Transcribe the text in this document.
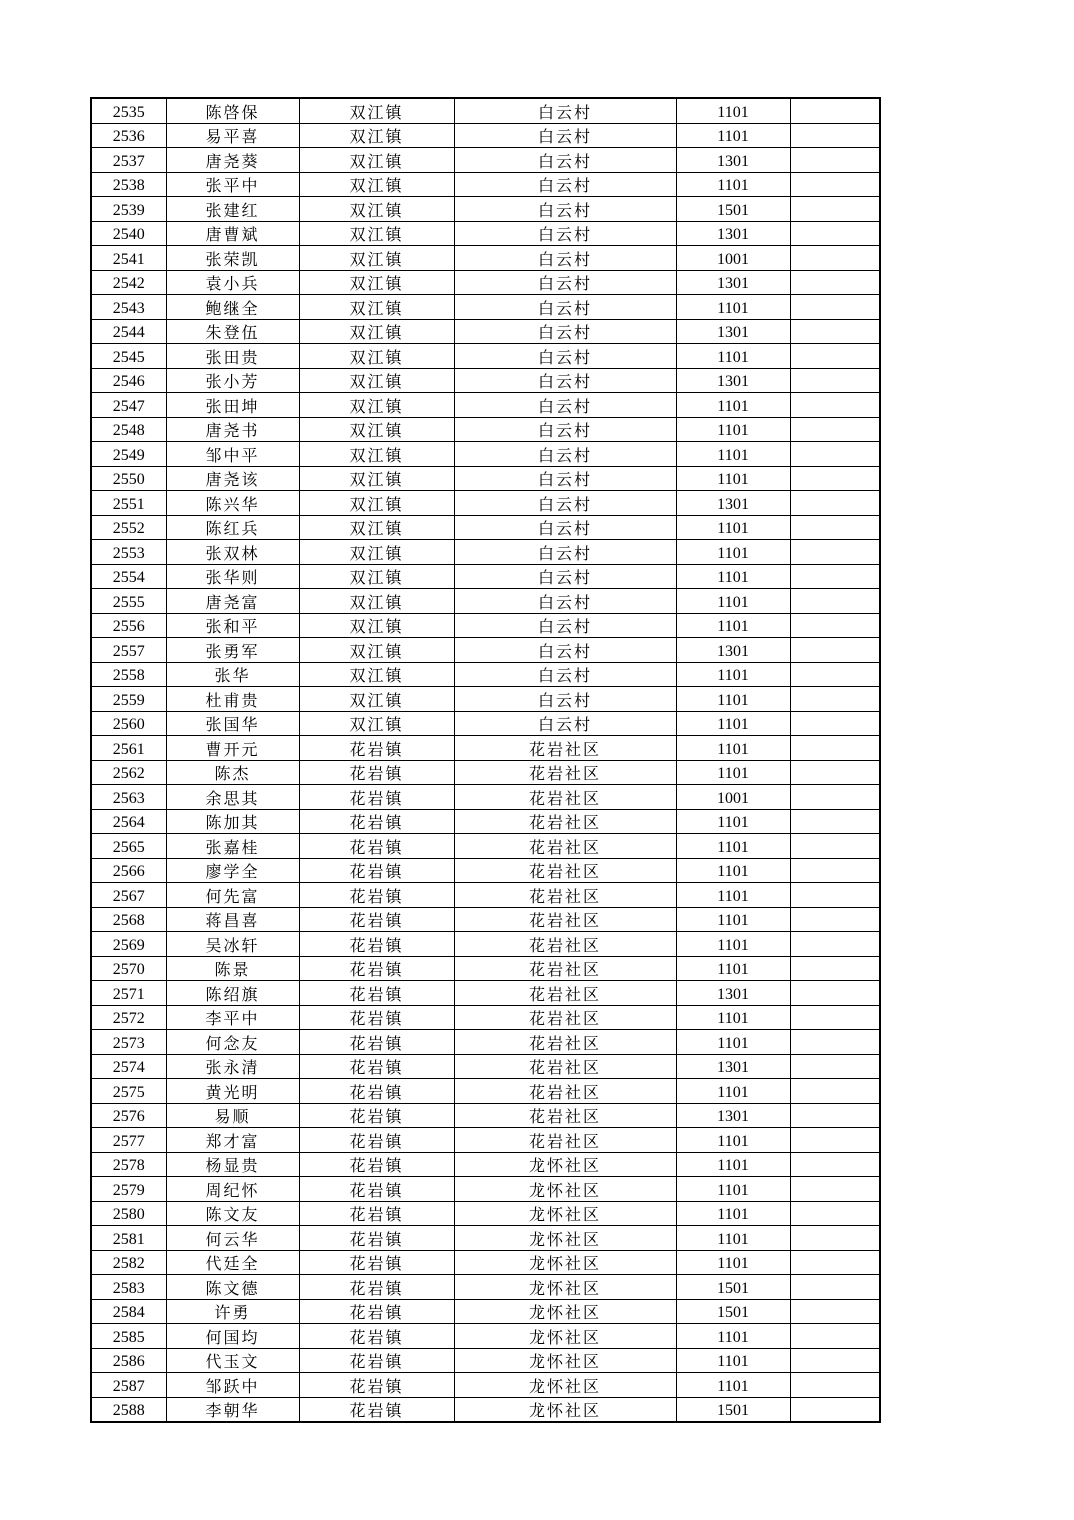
2535	陈啓保	双江镇	白云村	1101	
2536	易平喜	双江镇	白云村	1101	
2537	唐尧葵	双江镇	白云村	1301	
2538	张平中	双江镇	白云村	1101	
2539	张建红	双江镇	白云村	1501	
2540	唐曹斌	双江镇	白云村	1301	
2541	张荣凯	双江镇	白云村	1001	
2542	袁小兵	双江镇	白云村	1301	
2543	鲍继全	双江镇	白云村	1101	
2544	朱登伍	双江镇	白云村	1301	
2545	张田贵	双江镇	白云村	1101	
2546	张小芳	双江镇	白云村	1301	
2547	张田坤	双江镇	白云村	1101	
2548	唐尧书	双江镇	白云村	1101	
2549	邹中平	双江镇	白云村	1101	
2550	唐尧该	双江镇	白云村	1101	
2551	陈兴华	双江镇	白云村	1301	
2552	陈红兵	双江镇	白云村	1101	
2553	张双林	双江镇	白云村	1101	
2554	张华则	双江镇	白云村	1101	
2555	唐尧富	双江镇	白云村	1101	
2556	张和平	双江镇	白云村	1101	
2557	张勇军	双江镇	白云村	1301	
2558	张华	双江镇	白云村	1101	
2559	杜甫贵	双江镇	白云村	1101	
2560	张国华	双江镇	白云村	1101	
2561	曹开元	花岩镇	花岩社区	1101	
2562	陈杰	花岩镇	花岩社区	1101	
2563	余思其	花岩镇	花岩社区	1001	
2564	陈加其	花岩镇	花岩社区	1101	
2565	张嘉桂	花岩镇	花岩社区	1101	
2566	廖学全	花岩镇	花岩社区	1101	
2567	何先富	花岩镇	花岩社区	1101	
2568	蒋昌喜	花岩镇	花岩社区	1101	
2569	吴冰轩	花岩镇	花岩社区	1101	
2570	陈景	花岩镇	花岩社区	1101	
2571	陈绍旗	花岩镇	花岩社区	1301	
2572	李平中	花岩镇	花岩社区	1101	
2573	何念友	花岩镇	花岩社区	1101	
2574	张永清	花岩镇	花岩社区	1301	
2575	黄光明	花岩镇	花岩社区	1101	
2576	易顺	花岩镇	花岩社区	1301	
2577	郑才富	花岩镇	花岩社区	1101	
2578	杨显贵	花岩镇	龙怀社区	1101	
2579	周纪怀	花岩镇	龙怀社区	1101	
2580	陈文友	花岩镇	龙怀社区	1101	
2581	何云华	花岩镇	龙怀社区	1101	
2582	代廷全	花岩镇	龙怀社区	1101	
2583	陈文德	花岩镇	龙怀社区	1501	
2584	许勇	花岩镇	龙怀社区	1501	
2585	何国均	花岩镇	龙怀社区	1101	
2586	代玉文	花岩镇	龙怀社区	1101	
2587	邹跃中	花岩镇	龙怀社区	1101	
2588	李朝华	花岩镇	龙怀社区	1501	
